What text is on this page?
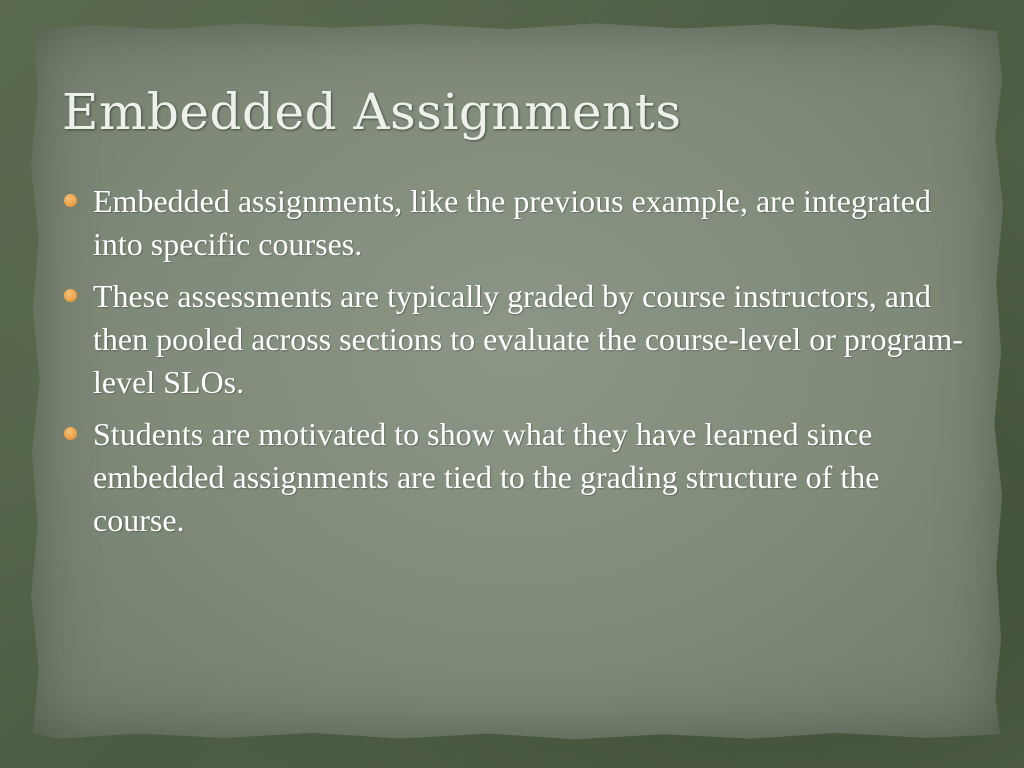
Embedded Assignments
Embedded assignments, like the previous example, are integrated into specific courses.
These assessments are typically graded by course instructors, and then pooled across sections to evaluate the course-level or program-level SLOs.
Students are motivated to show what they have learned since embedded assignments are tied to the grading structure of the course.
